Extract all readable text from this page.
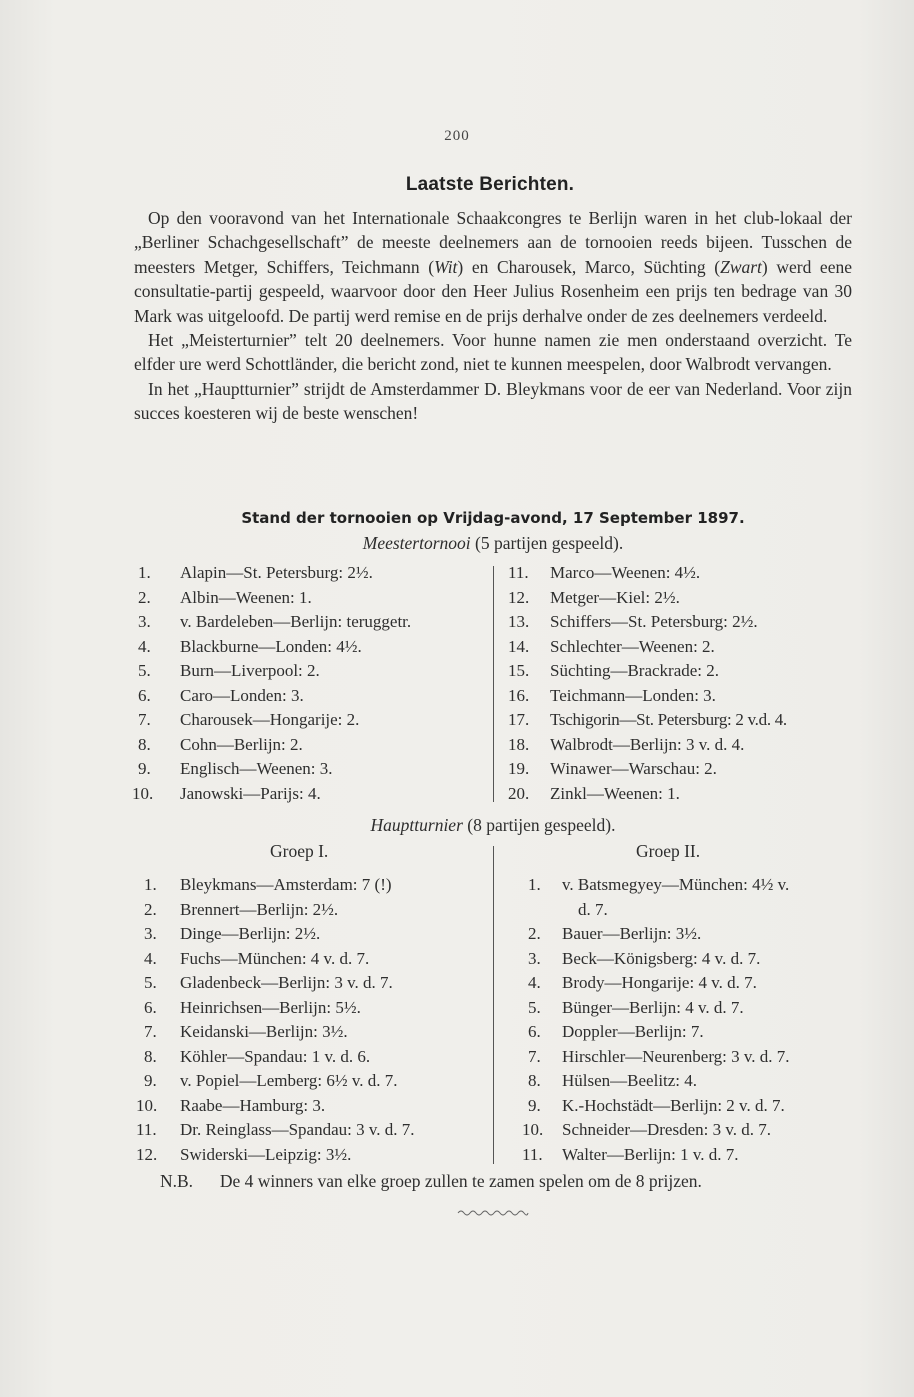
200
Laatste Berichten.

Op den vooravond van het Internationale Schaakcongres te Berlijn waren in het club-lokaal der „Berliner Schachgesellschaft” de meeste deelnemers aan de tornooien reeds bijeen. Tusschen de meesters Metger, Schiffers, Teichmann (Wit) en Charousek, Marco, Süchting (Zwart) werd eene consultatie-partij gespeeld, waarvoor door den Heer Julius Rosenheim een prijs ten bedrage van 30 Mark was uitgeloofd. De partij werd remise en de prijs derhalve onder de zes deelnemers verdeeld.

Het „Meisterturnier” telt 20 deelnemers. Voor hunne namen zie men onderstaand overzicht. Te elfder ure werd Schottländer, die bericht zond, niet te kunnen meespelen, door Walbrodt vervangen.

In het „Hauptturnier” strijdt de Amsterdammer D. Bleykmans voor de eer van Nederland. Voor zijn succes koesteren wij de beste wenschen!

Stand der tornooien op Vrijdag-avond, 17 September 1897.
Meestertornooi (5 partijen gespeeld).
1. Alapin—St. Petersburg: 2½.
2. Albin—Weenen: 1.
3. v. Bardeleben—Berlijn: teruggetr.
4. Blackburne—Londen: 4½.
5. Burn—Liverpool: 2.
6. Caro—Londen: 3.
7. Charousek—Hongarije: 2.
8. Cohn—Berlijn: 2.
9. Englisch—Weenen: 3.
10. Janowski—Parijs: 4.
11. Marco—Weenen: 4½.
12. Metger—Kiel: 2½.
13. Schiffers—St. Petersburg: 2½.
14. Schlechter—Weenen: 2.
15. Süchting—Brackrade: 2.
16. Teichmann—Londen: 3.
17. Tschigorin—St. Petersburg: 2 v.d. 4.
18. Walbrodt—Berlijn: 3 v. d. 4.
19. Winawer—Warschau: 2.
20. Zinkl—Weenen: 1.
Hauptturnier (8 partijen gespeeld).
Groep I.	Groep II.
1. Bleykmans—Amsterdam: 7 (!)
2. Brennert—Berlijn: 2½.
3. Dinge—Berlijn: 2½.
4. Fuchs—München: 4 v. d. 7.
5. Gladenbeck—Berlijn: 3 v. d. 7.
6. Heinrichsen—Berlijn: 5½.
7. Keidanski—Berlijn: 3½.
8. Köhler—Spandau: 1 v. d. 6.
9. v. Popiel—Lemberg: 6½ v. d. 7.
10. Raabe—Hamburg: 3.
11. Dr. Reinglass—Spandau: 3 v. d. 7.
12. Swiderski—Leipzig: 3½.
1. v. Batsmegyey—München: 4½ v.
d. 7.
2. Bauer—Berlijn: 3½.
3. Beck—Königsberg: 4 v. d. 7.
4. Brody—Hongarije: 4 v. d. 7.
5. Bünger—Berlijn: 4 v. d. 7.
6. Doppler—Berlijn: 7.
7. Hirschler—Neurenberg: 3 v. d. 7.
8. Hülsen—Beelitz: 4.
9. K.-Hochstädt—Berlijn: 2 v. d. 7.
10. Schneider—Dresden: 3 v. d. 7.
11. Walter—Berlijn: 1 v. d. 7.
N.B. De 4 winners van elke groep zullen te zamen spelen om de 8 prijzen.
